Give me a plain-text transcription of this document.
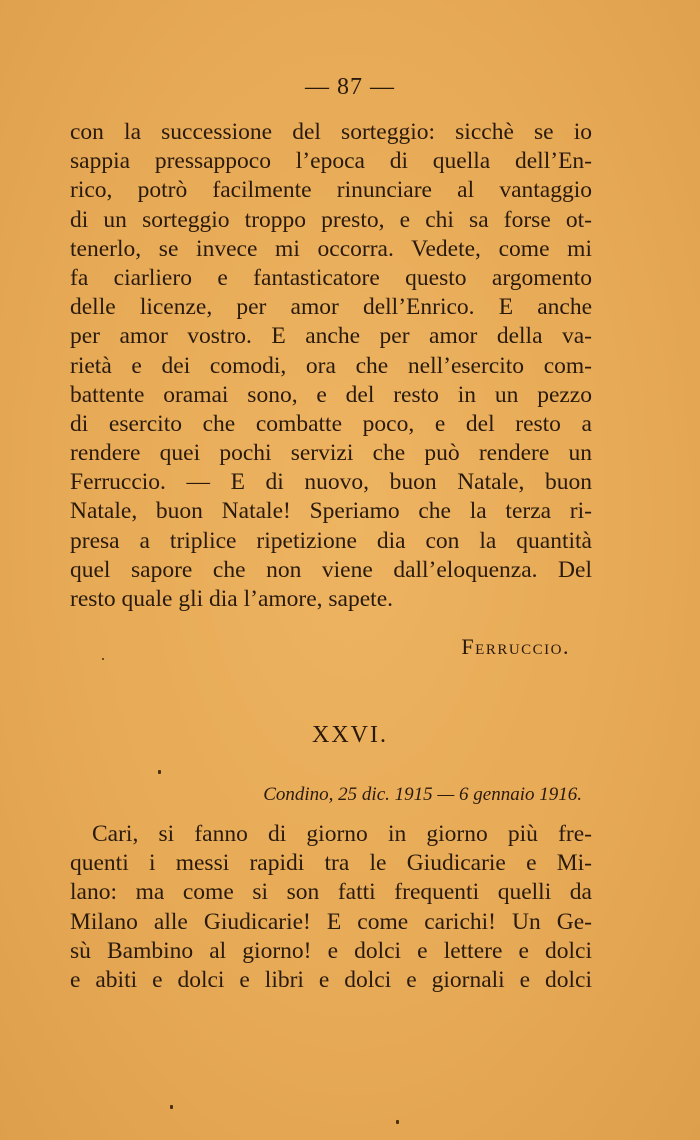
— 87 —
con la successione del sorteggio: sicchè se io
sappia pressappoco l’epoca di quella dell’En-
rico, potrò facilmente rinunciare al vantaggio
di un sorteggio troppo presto, e chi sa forse ot-
tenerlo, se invece mi occorra. Vedete, come mi
fa ciarliero e fantasticatore questo argomento
delle licenze, per amor dell’Enrico. E anche
per amor vostro. E anche per amor della va-
rietà e dei comodi, ora che nell’esercito com-
battente oramai sono, e del resto in un pezzo
di esercito che combatte poco, e del resto a
rendere quei pochi servizi che può rendere un
Ferruccio. — E di nuovo, buon Natale, buon
Natale, buon Natale! Speriamo che la terza ri-
presa a triplice ripetizione dia con la quantità
quel sapore che non viene dall’eloquenza. Del
resto quale gli dia l’amore, sapete.
Ferruccio.
XXVI.
Condino, 25 dic. 1915 — 6 gennaio 1916.
Cari, si fanno di giorno in giorno più fre-
quenti i messi rapidi tra le Giudicarie e Mi-
lano: ma come si son fatti frequenti quelli da
Milano alle Giudicarie! E come carichi! Un Ge-
sù Bambino al giorno! e dolci e lettere e dolci
e abiti e dolci e libri e dolci e giornali e dolci
